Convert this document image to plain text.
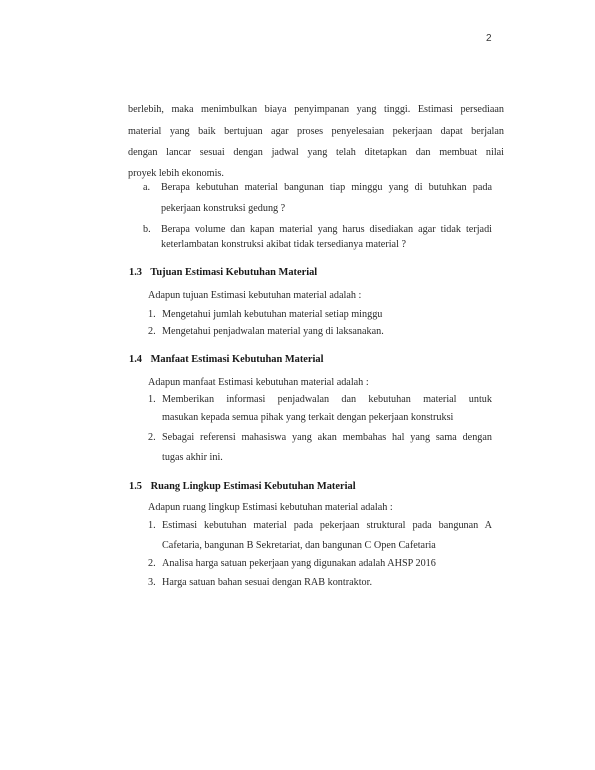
2
berlebih, maka menimbulkan biaya penyimpanan yang tinggi. Estimasi persediaan
material yang baik bertujuan agar proses penyelesaian pekerjaan dapat berjalan
dengan lancar sesuai dengan jadwal yang telah ditetapkan dan membuat nilai
proyek lebih ekonomis.
a. Berapa kebutuhan material bangunan tiap minggu yang di butuhkan pada
pekerjaan konstruksi gedung ?
b. Berapa volume dan kapan material yang harus disediakan agar tidak terjadi
keterlambatan konstruksi akibat tidak tersedianya material ?
1.3 Tujuan Estimasi Kebutuhan Material
Adapun tujuan Estimasi kebutuhan material adalah :
1. Mengetahui jumlah kebutuhan material setiap minggu
2. Mengetahui penjadwalan material yang di laksanakan.
1.4 Manfaat Estimasi Kebutuhan Material
Adapun manfaat Estimasi kebutuhan material adalah :
1. Memberikan informasi penjadwalan dan kebutuhan material untuk
masukan kepada semua pihak yang terkait dengan pekerjaan konstruksi
2. Sebagai referensi mahasiswa yang akan membahas hal yang sama dengan
tugas akhir ini.
1.5 Ruang Lingkup Estimasi Kebutuhan Material
Adapun ruang lingkup Estimasi kebutuhan material adalah :
1. Estimasi kebutuhan material pada pekerjaan struktural pada bangunan A
Cafetaria, bangunan B Sekretariat, dan bangunan C Open Cafetaria
2. Analisa harga satuan pekerjaan yang digunakan adalah AHSP 2016
3. Harga satuan bahan sesuai dengan RAB kontraktor.
